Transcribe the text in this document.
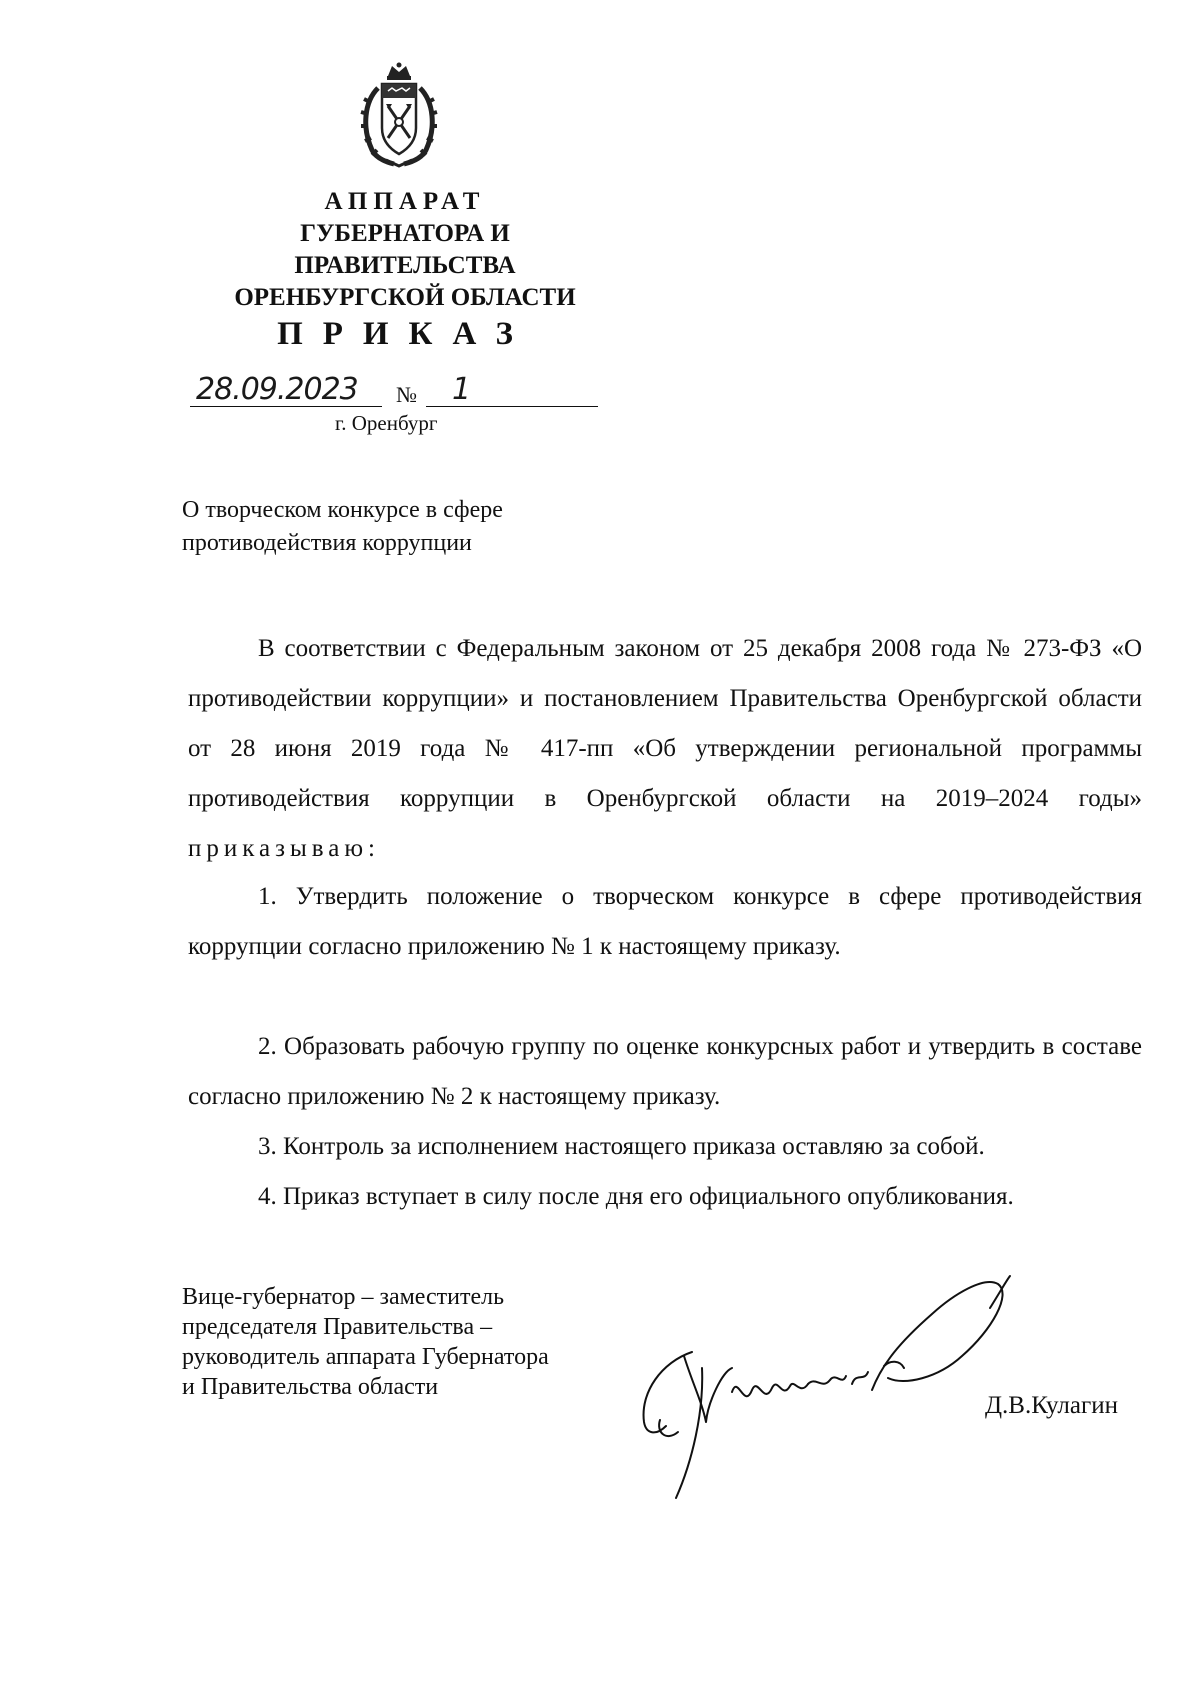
АППАРАТ
ГУБЕРНАТОРА И
ПРАВИТЕЛЬСТВА
ОРЕНБУРГСКОЙ ОБЛАСТИ
ПРИКАЗ
28.09.2023 № 1
г. Оренбург
О творческом конкурсе в сфере
противодействия коррупции

В соответствии с Федеральным законом от 25 декабря 2008 года № 273-ФЗ «О противодействии коррупции» и постановлением Правительства Оренбургской области от 28 июня 2019 года № 417-пп «Об утверждении региональной программы противодействия коррупции в Оренбургской области на 2019–2024 годы» приказываю:

1. Утвердить положение о творческом конкурсе в сфере противодействия коррупции согласно приложению № 1 к настоящему приказу.

2. Образовать рабочую группу по оценке конкурсных работ и утвердить в составе согласно приложению № 2 к настоящему приказу.

3. Контроль за исполнением настоящего приказа оставляю за собой.

4. Приказ вступает в силу после дня его официального опубликования.

Вице-губернатор – заместитель
председателя Правительства –
руководитель аппарата Губернатора
и Правительства области
Д.В.Кулагин
